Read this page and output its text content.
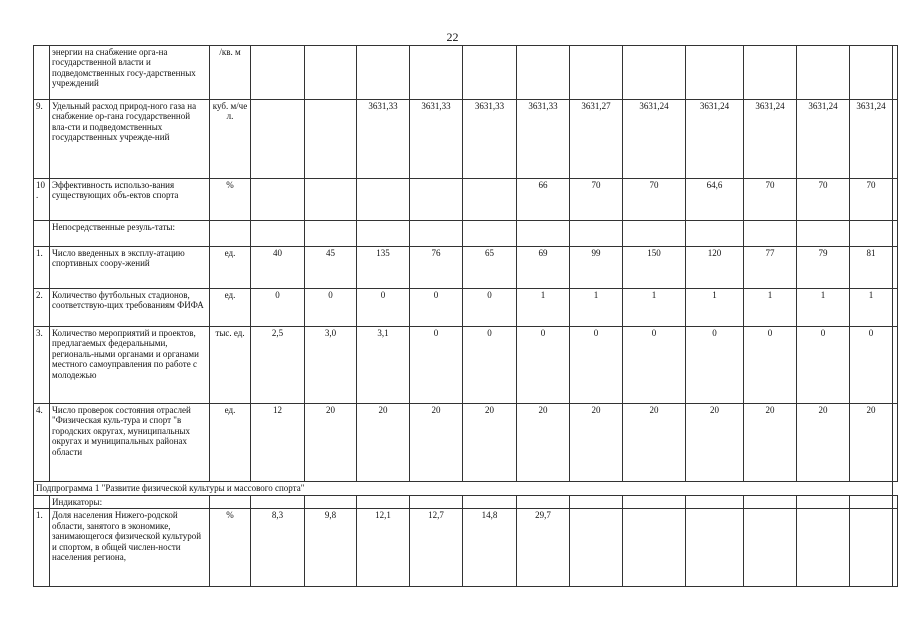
22
	энергии на снабжение орга-на государственной власти и подведомственных госу-дарственных учреждений	/кв. м													
9.	Удельный расход природ-ного газа на снабжение ор-гана государственной вла-сти и подведомственных государственных учрежде-ний	куб. м/че л.			3631,33	3631,33	3631,33	3631,33	3631,27	3631,24	3631,24	3631,24	3631,24	3631,24	
10 .	Эффективность использо-вания существующих объ-ектов спорта	%						66	70	70	64,6	70	70	70	
	Непосредственные резуль-таты:														
1.	Число введенных в эксплу-атацию спортивных соору-жений	ед.	40	45	135	76	65	69	99	150	120	77	79	81	
2.	Количество футбольных стадионов, соответствую-щих требованиям ФИФА	ед.	0	0	0	0	0	1	1	1	1	1	1	1	
3.	Количество мероприятий и проектов, предлагаемых федеральными, региональ-ными органами и органами местного самоуправления по работе с молодежью	тыс. ед.	2,5	3,0	3,1	0	0	0	0	0	0	0	0	0	
4.	Число проверок состояния отраслей "Физическая куль-тура и спорт "в городских округах, муниципальных округах и муниципальных районах области	ед.	12	20	20	20	20	20	20	20	20	20	20	20	
Подпрограмма 1 "Развитие физической культуры и массового спорта"															
	Индикаторы:														
1.	Доля населения Нижего-родской области, занятого в экономике, занимающегося физической культурой и спортом, в общей числен-ности населения региона,	%	8,3	9,8	12,1	12,7	14,8	29,7							
